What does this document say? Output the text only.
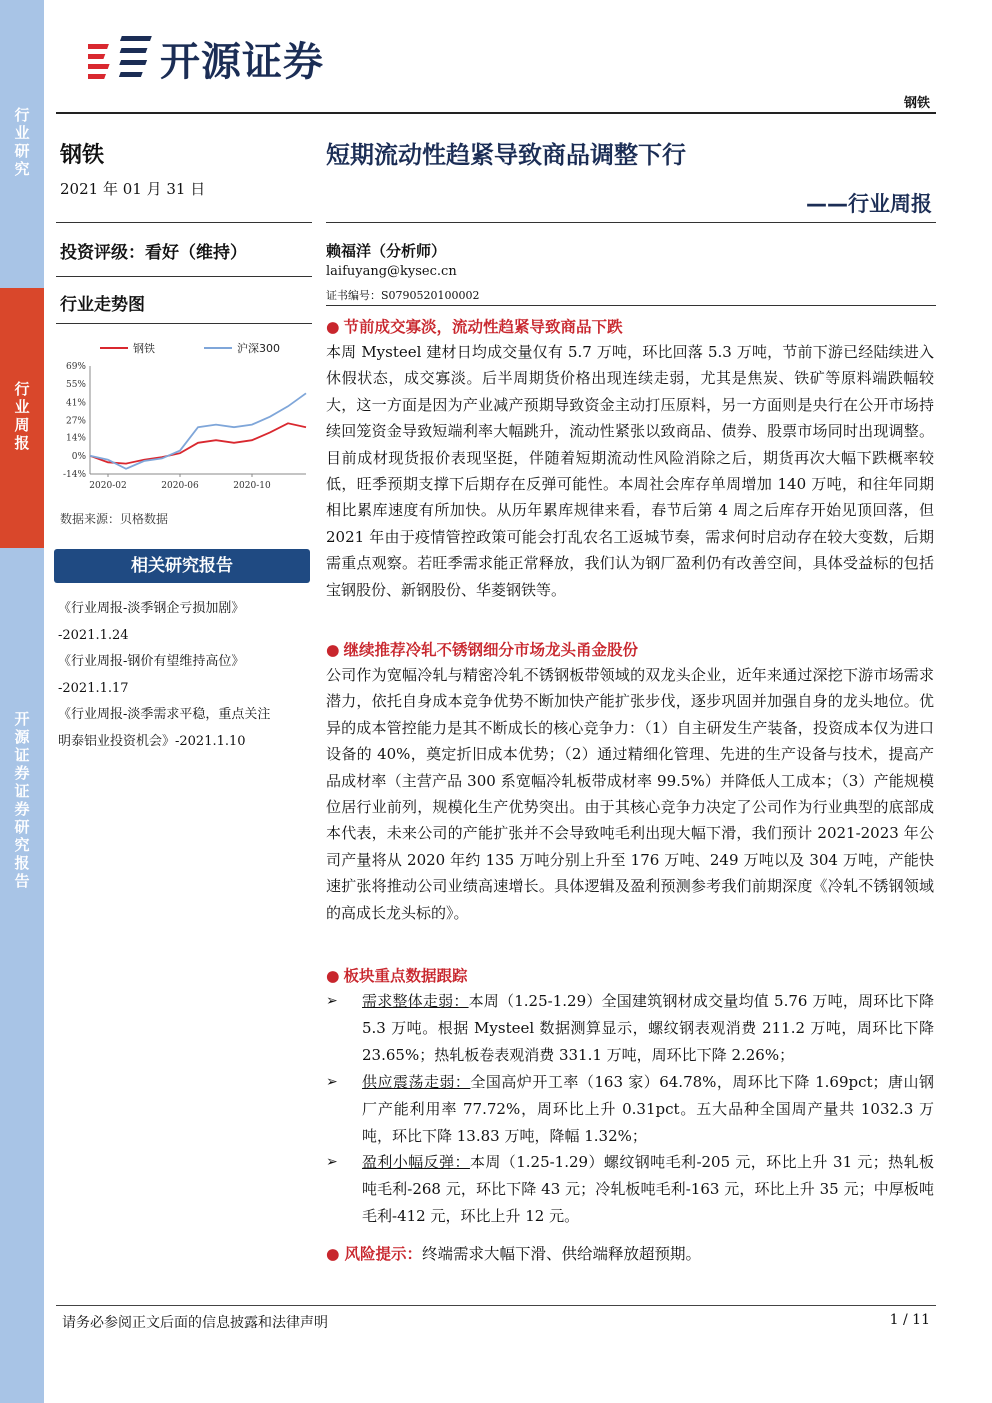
行业研究
行业周报
开源证券 证券研究报告
开源证券
钢铁
钢铁
2021 年 01 月 31 日
投资评级：看好（维持）
行业走势图
69%
55%
41%
27%
14%
0%
-14%
2020-02	2020-06	2020-10
钢铁	沪深300
数据来源：贝格数据
相关研究报告
《行业周报-淡季钢企亏损加剧》
-2021.1.24
《行业周报-钢价有望维持高位》
-2021.1.17
《行业周报-淡季需求平稳，重点关注
明泰铝业投资机会》-2021.1.10
短期流动性趋紧导致商品调整下行
——行业周报
赖福洋（分析师）
laifuyang@kysec.cn
证书编号：S0790520100002
● 节前成交寡淡，流动性趋紧导致商品下跌
本周 Mysteel 建材日均成交量仅有 5.7 万吨，环比回落 5.3 万吨，节前下游已经陆续进入休假状态，成交寡淡。后半周期货价格出现连续走弱，尤其是焦炭、铁矿等原料端跌幅较大，这一方面是因为产业减产预期导致资金主动打压原料，另一方面则是央行在公开市场持续回笼资金导致短端利率大幅跳升，流动性紧张以致商品、债券、股票市场同时出现调整。目前成材现货报价表现坚挺，伴随着短期流动性风险消除之后，期货再次大幅下跌概率较低，旺季预期支撑下后期存在反弹可能性。本周社会库存单周增加 140 万吨，和往年同期相比累库速度有所加快。从历年累库规律来看，春节后第 4 周之后库存开始见顶回落，但 2021 年由于疫情管控政策可能会打乱农名工返城节奏，需求何时启动存在较大变数，后期需重点观察。若旺季需求能正常释放，我们认为钢厂盈利仍有改善空间，具体受益标的包括宝钢股份、新钢股份、华菱钢铁等。
● 继续推荐冷轧不锈钢细分市场龙头甬金股份
公司作为宽幅冷轧与精密冷轧不锈钢板带领域的双龙头企业，近年来通过深挖下游市场需求潜力，依托自身成本竞争优势不断加快产能扩张步伐，逐步巩固并加强自身的龙头地位。优异的成本管控能力是其不断成长的核心竞争力：（1）自主研发生产装备，投资成本仅为进口设备的 40%，奠定折旧成本优势；（2）通过精细化管理、先进的生产设备与技术，提高产品成材率（主营产品 300 系宽幅冷轧板带成材率 99.5%）并降低人工成本；（3）产能规模位居行业前列，规模化生产优势突出。由于其核心竞争力决定了公司作为行业典型的底部成本代表，未来公司的产能扩张并不会导致吨毛利出现大幅下滑，我们预计 2021-2023 年公司产量将从 2020 年约 135 万吨分别上升至 176 万吨、249 万吨以及 304 万吨，产能快速扩张将推动公司业绩高速增长。具体逻辑及盈利预测参考我们前期深度《冷轧不锈钢领域的高成长龙头标的》。
● 板块重点数据跟踪
➢ 需求整体走弱：本周（1.25-1.29）全国建筑钢材成交量均值 5.76 万吨，周环比下降 5.3 万吨。根据 Mysteel 数据测算显示，螺纹钢表观消费 211.2 万吨，周环比下降 23.65%；热轧板卷表观消费 331.1 万吨，周环比下降 2.26%；
➢ 供应震荡走弱：全国高炉开工率（163 家）64.78%，周环比下降 1.69pct；唐山钢厂产能利用率 77.72%，周环比上升 0.31pct。五大品种全国周产量共 1032.3 万吨，环比下降 13.83 万吨，降幅 1.32%；
➢ 盈利小幅反弹：本周（1.25-1.29）螺纹钢吨毛利-205 元，环比上升 31 元；热轧板吨毛利-268 元，环比下降 43 元；冷轧板吨毛利-163 元，环比上升 35 元；中厚板吨毛利-412 元，环比上升 12 元。
● 风险提示：终端需求大幅下滑、供给端释放超预期。
请务必参阅正文后面的信息披露和法律声明	1 / 11
